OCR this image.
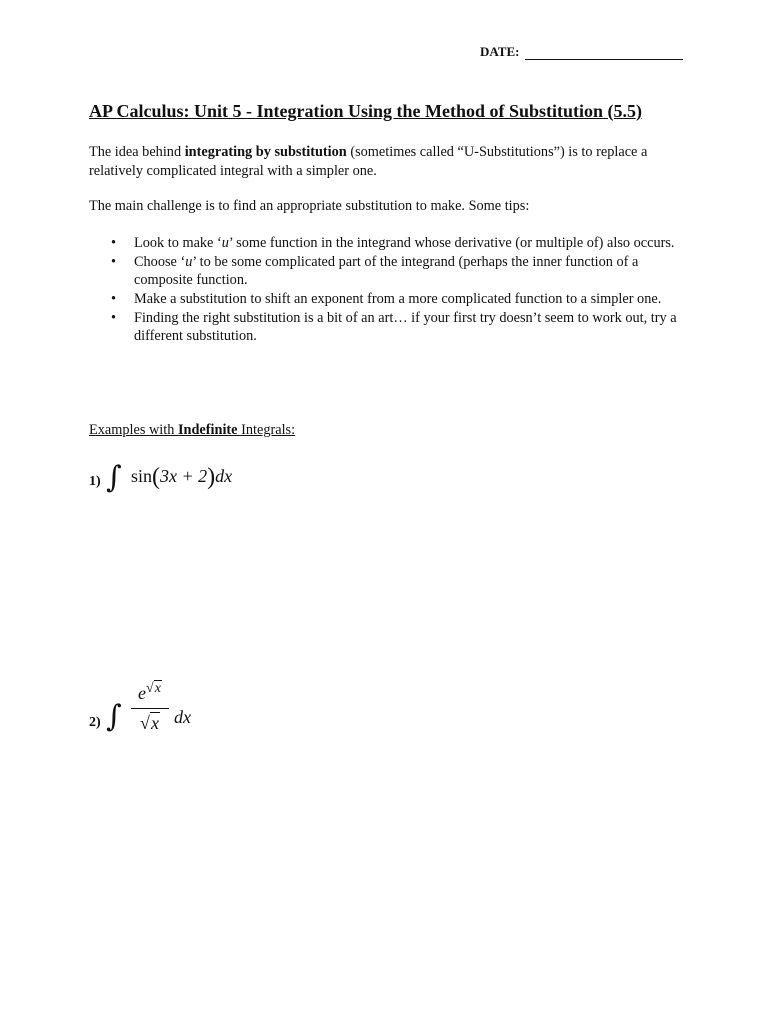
DATE:
AP Calculus: Unit 5 - Integration Using the Method of Substitution (5.5)

The idea behind integrating by substitution (sometimes called “U-Substitutions”) is to replace a relatively complicated integral with a simpler one.

The main challenge is to find an appropriate substitution to make. Some tips:

• Look to make ‘u’ some function in the integrand whose derivative (or multiple of) also occurs.
• Choose ‘u’ to be some complicated part of the integrand (perhaps the inner function of a composite function.
• Make a substitution to shift an exponent from a more complicated function to a simpler one.
• Finding the right substitution is a bit of an art… if your first try doesn’t seem to work out, try a different substitution.

Examples with Indefinite Integrals:

1) ∫ sin(3x + 2)dx
2) ∫
e√x
√x dx
